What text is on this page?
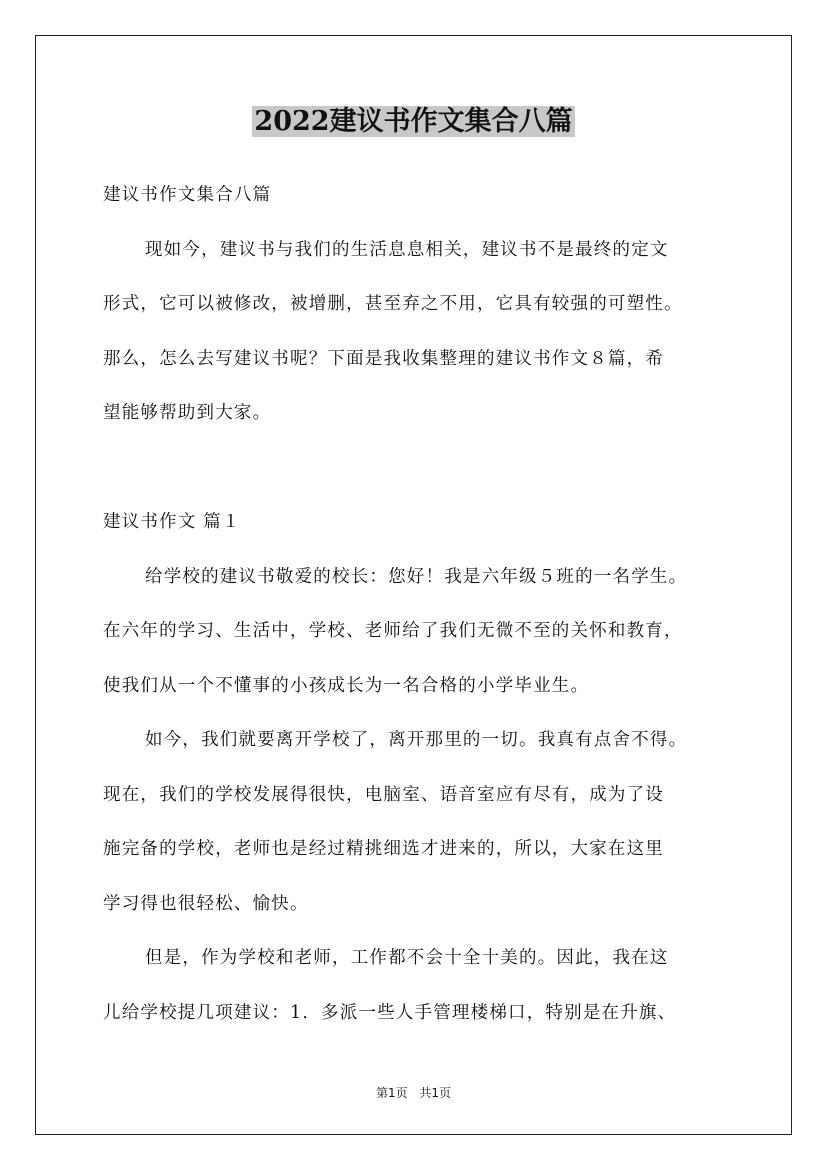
2022建议书作文集合八篇
建议书作文集合八篇
现如今，建议书与我们的生活息息相关，建议书不是最终的定文
形式，它可以被修改，被增删，甚至弃之不用，它具有较强的可塑性。
那么，怎么去写建议书呢？下面是我收集整理的建议书作文８篇，希
望能够帮助到大家。
建议书作文 篇１
给学校的建议书敬爱的校长：您好！我是六年级５班的一名学生。
在六年的学习、生活中，学校、老师给了我们无微不至的关怀和教育，
使我们从一个不懂事的小孩成长为一名合格的小学毕业生。
如今，我们就要离开学校了，离开那里的一切。我真有点舍不得。
现在，我们的学校发展得很快，电脑室、语音室应有尽有，成为了设
施完备的学校，老师也是经过精挑细选才进来的，所以，大家在这里
学习得也很轻松、愉快。
但是，作为学校和老师，工作都不会十全十美的。因此，我在这
儿给学校提几项建议：1．多派一些人手管理楼梯口，特别是在升旗、
第1页 共1页
